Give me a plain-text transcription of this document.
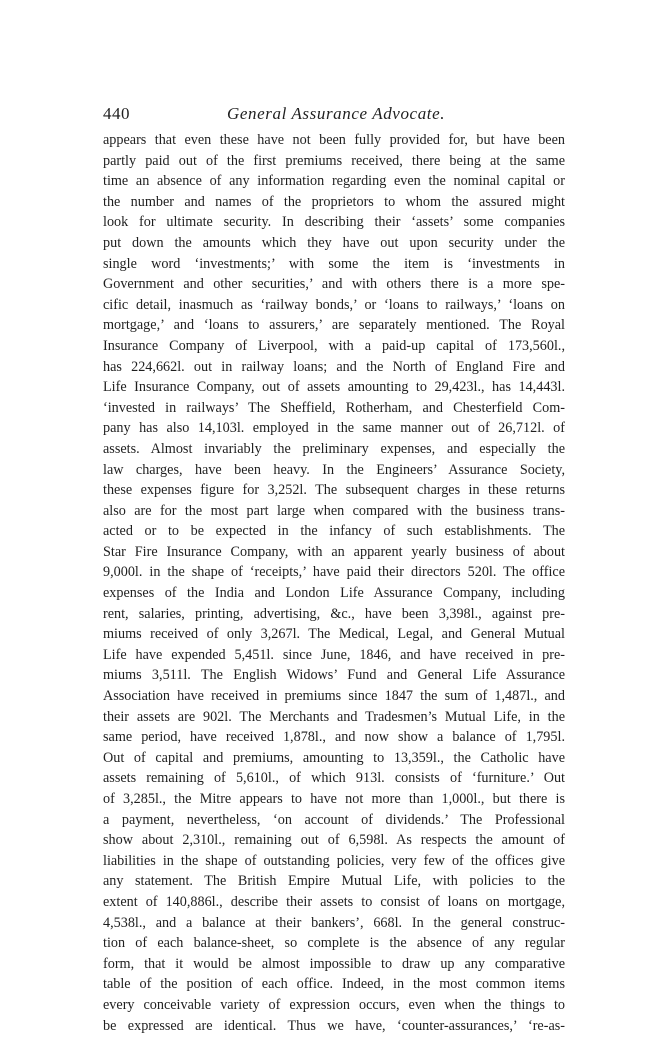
440	General Assurance Advocate.
appears that even these have not been fully provided for, but have been
partly paid out of the first premiums received, there being at the same
time an absence of any information regarding even the nominal capital or
the number and names of the proprietors to whom the assured might
look for ultimate security. In describing their ‘assets’ some companies
put down the amounts which they have out upon security under the
single word ‘investments;’ with some the item is ‘investments in
Government and other securities,’ and with others there is a more spe-
cific detail, inasmuch as ‘railway bonds,’ or ‘loans to railways,’ ‘loans on
mortgage,’ and ‘loans to assurers,’ are separately mentioned. The Royal
Insurance Company of Liverpool, with a paid-up capital of 173,560l.,
has 224,662l. out in railway loans; and the North of England Fire and
Life Insurance Company, out of assets amounting to 29,423l., has 14,443l.
‘invested in railways’ The Sheffield, Rotherham, and Chesterfield Com-
pany has also 14,103l. employed in the same manner out of 26,712l. of
assets. Almost invariably the preliminary expenses, and especially the
law charges, have been heavy. In the Engineers’ Assurance Society,
these expenses figure for 3,252l. The subsequent charges in these returns
also are for the most part large when compared with the business trans-
acted or to be expected in the infancy of such establishments. The
Star Fire Insurance Company, with an apparent yearly business of about
9,000l. in the shape of ‘receipts,’ have paid their directors 520l. The office
expenses of the India and London Life Assurance Company, including
rent, salaries, printing, advertising, &c., have been 3,398l., against pre-
miums received of only 3,267l. The Medical, Legal, and General Mutual
Life have expended 5,451l. since June, 1846, and have received in pre-
miums 3,511l. The English Widows’ Fund and General Life Assurance
Association have received in premiums since 1847 the sum of 1,487l., and
their assets are 902l. The Merchants and Tradesmen’s Mutual Life, in the
same period, have received 1,878l., and now show a balance of 1,795l.
Out of capital and premiums, amounting to 13,359l., the Catholic have
assets remaining of 5,610l., of which 913l. consists of ‘furniture.’ Out
of 3,285l., the Mitre appears to have not more than 1,000l., but there is
a payment, nevertheless, ‘on account of dividends.’ The Professional
show about 2,310l., remaining out of 6,598l. As respects the amount of
liabilities in the shape of outstanding policies, very few of the offices give
any statement. The British Empire Mutual Life, with policies to the
extent of 140,886l., describe their assets to consist of loans on mortgage,
4,538l., and a balance at their bankers’, 668l. In the general construc-
tion of each balance-sheet, so complete is the absence of any regular
form, that it would be almost impossible to draw up any comparative
table of the position of each office. Indeed, in the most common items
every conceivable variety of expression occurs, even when the things to
be expressed are identical. Thus we have, ‘counter-assurances,’ ‘re-as-
